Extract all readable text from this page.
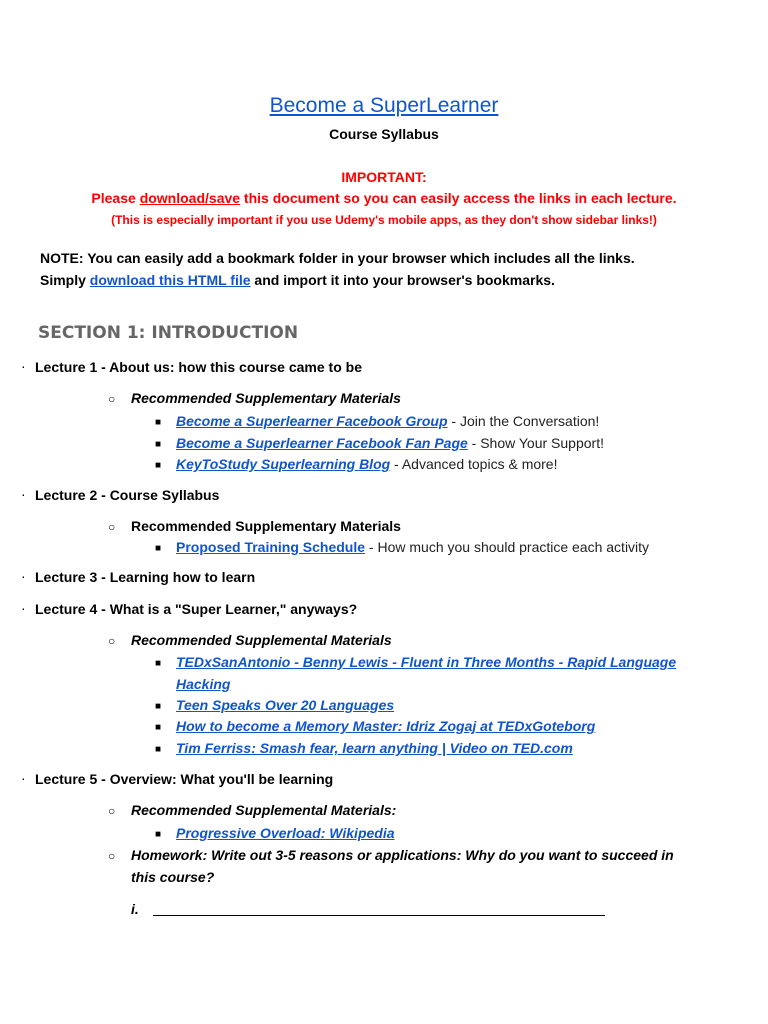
Become a SuperLearner
Course Syllabus
IMPORTANT:
Please download/save this document so you can easily access the links in each lecture.
(This is especially important if you use Udemy's mobile apps, as they don't show sidebar links!)
NOTE: You can easily add a bookmark folder in your browser which includes all the links.
Simply download this HTML file and import it into your browser's bookmarks.
SECTION 1: INTRODUCTION
· Lecture 1 - About us: how this course came to be
○ Recommended Supplementary Materials
■ Become a Superlearner Facebook Group - Join the Conversation!
■ Become a Superlearner Facebook Fan Page - Show Your Support!
■ KeyToStudy Superlearning Blog - Advanced topics & more!
· Lecture 2 - Course Syllabus
○ Recommended Supplementary Materials
■ Proposed Training Schedule - How much you should practice each activity
· Lecture 3 - Learning how to learn
· Lecture 4 - What is a "Super Learner," anyways?
○ Recommended Supplemental Materials
■ TEDxSanAntonio - Benny Lewis - Fluent in Three Months - Rapid Language
Hacking
■ Teen Speaks Over 20 Languages
■ How to become a Memory Master: Idriz Zogaj at TEDxGoteborg
■ Tim Ferriss: Smash fear, learn anything | Video on TED.com
· Lecture 5 - Overview: What you'll be learning
○ Recommended Supplemental Materials:
■ Progressive Overload: Wikipedia
○ Homework: Write out 3-5 reasons or applications: Why do you want to succeed in
this course?
i.
